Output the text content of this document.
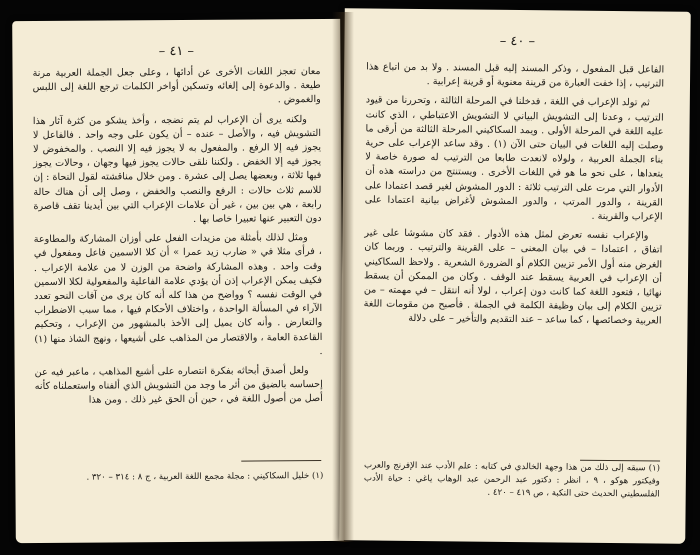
– ٤١ –

معان تعجز اللغات الأخرى عن أدائها ، وعلى جعل الجملة العربية مرنة طيعة . والدعوة إلى إلغائه وتسكين أواخر الكلمات ترجع اللغة إلى اللبس والغموض .

ولكنه يرى أن الإعراب لم يتم نضجه ، وأخذ يشكو من كثرة آثار هذا التشويش فيه ، والأصل – عنده – أن يكون على وجه واحد . فالفاعل لا يجوز فيه إلا الرفع . والمفعول به لا يجوز فيه إلا النصب . والمخفوض لا يجوز فيه إلا الخفض . ولكننا نلقى حالات يجوز فيها وجهان ، وحالات يجوز فيها ثلاثة ، وبعضها يصل إلى عشرة . ومن خلال مناقشته لقول النحاة : إن للاسم ثلاث حالات : الرفع والنصب والخفض ، وصل إلى أن هناك حالة رابعة ، هي بين بين ، غير أن علامات الإعراب التي بين أيدينا تقف قاصرة دون التعبير عنها تعبيرا خاصا بها .

ومثل لذلك بأمثلة من مزيدات الفعل على أوزان المشاركة والمطاوعة ، فرأى مثلا في « ضارب زيد عمرا » أن كلا الاسمين فاعل ومفعول في وقت واحد . وهذه المشاركة واضحة من الوزن لا من علامة الإعراب . فكيف يمكن الإعراب إذن أن يؤدي علامة الفاعلية والمفعولية لكلا الاسمين في الوقت نفسه ؟ وواضح من هذا كله أنه كان يرى من آفات النحو تعدد الآراء في المسألة الواحدة ، واختلاف الأحكام فيها ، مما سبب الاضطراب والتعارض . وأنه كان يميل إلى الأخذ بالمشهور من الإعراب ، وتحكيم القاعدة العامة ، والاقتصار من المذاهب على أشيعها ، ونهج الشاذ منها (١) .

ولعل أصدق أبحاثه بفكرة انتصاره على أشيع المذاهب ، ماعبر فيه عن إحساسه بالضيق من أثر ما وجد من التشويش الذي ألفناه واستعملناه كأنه أصل من أصول اللغة في ، حين أن الحق غير ذلك . ومن هذا

(١) خليل السكاكيني : مجلة مجمع اللغة العربية ، ج ٨ : ٣١٤ – ٣٢٠ .
– ٤٠ –

الفاعل قبل المفعول ، وذكر المسند إليه قبل المسند . ولا بد من اتباع هذا الترتيب ، إذا خفت العبارة من قرينة معنوية أو قرينة إعرابية .

ثم تولد الإعراب في اللغة ، فدخلنا في المرحلة الثالثة ، وتحررنا من قيود الترتيب ، وعدنا إلى التشويش البياني لا التشويش الاعتباطي ، الذي كانت عليه اللغة في المرحلة الأولى . ويمد السكاكيني المرحلة الثالثة من أرقى ما وصلت إليه اللغات في البيان حتى الآن (١) . وقد ساعد الإعراب على حرية بناء الجملة العربية ، ولولاه لانعدت طابعا من الترتيب له صورة خاصة لا يتعداها ، على نحو ما هو في اللغات الأخرى . ويستنتج من دراسته هذه أن الأدوار التي مرت على الترتيب ثلاثة : الدور المشوش لغير قصد اعتمادا على القرينة ، والدور المرتب ، والدور المشوش لأغراض بيانية اعتمادا على الإعراب والقرينة .

والإعراب نفسه تعرض لمثل هذه الأدوار . فقد كان مشوشا على غير اتفاق ، اعتمادا – في بيان المعنى – على القرينة والترتيب . وربما كان الغرض منه أول الأمر تزيين الكلام أو الضرورة الشعرية . ولاحظ السكاكيني أن الإعراب في العربية يسقط عند الوقف . وكان من الممكن أن يسقط نهائيا ، فتعود اللغة كما كانت دون إعراب ، لولا أنه انتقل – في مهمته – من تزيين الكلام إلى بيان وظيفة الكلمة في الجملة . فأصبح من مقومات اللغة العربية وخصائصها ، كما ساعد – عند التقديم والتأخير – على دلالة

(١) سبقه إلى ذلك من هذا وجهة الخالدي في كتابه : علم الأدب عند الإفرنج والعرب وفيكتور هوكو ، ٩ ، انظر : دكتور عبد الرحمن عبد الوهاب ياغي : حياة الأدب الفلسطيني الحديث حتى النكبة ، ص ٤١٩ – ٤٢٠ .
